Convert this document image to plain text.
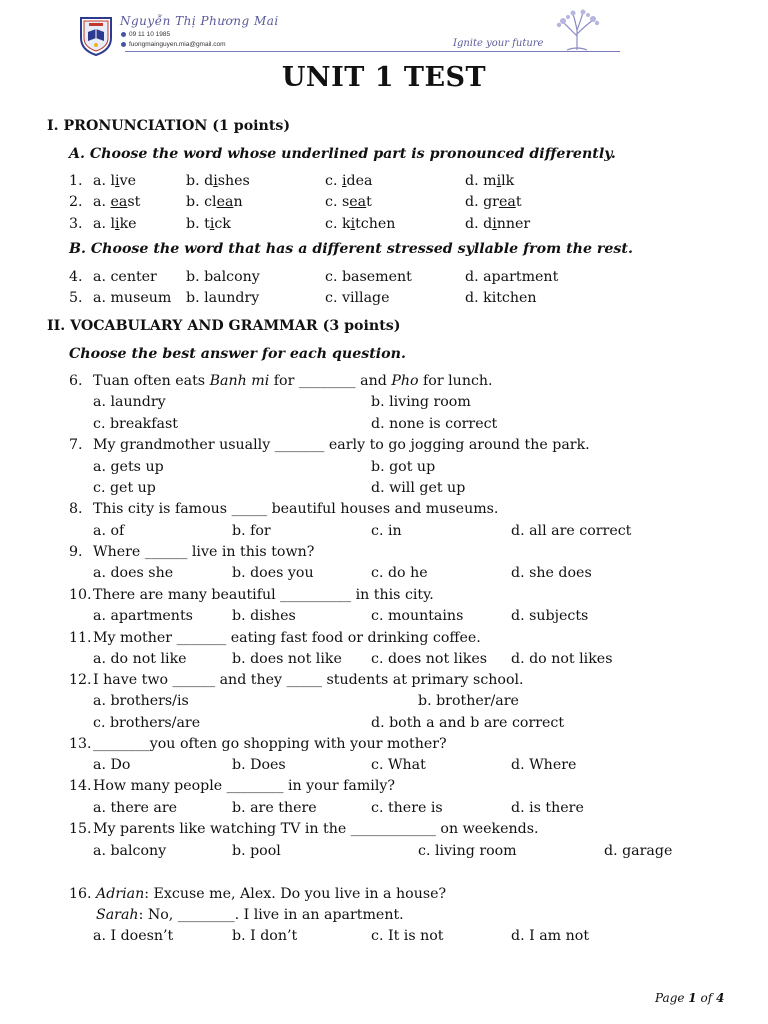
Nguyễn Thị Phương Mai
09 11 10 1985
fuongmainguyen.mia@gmail.com	Ignite your future
UNIT 1 TEST
I. PRONUNCIATION (1 points)
A. Choose the word whose underlined part is pronounced differently.
1. a. live	b. dishes	c. idea	d. milk
2. a. east	b. clean	c. seat	d. great
3. a. like	b. tick	c. kitchen	d. dinner
B. Choose the word that has a different stressed syllable from the rest.
4. a. center b. balcony	c. basement	d. apartment
5. a. museum b. laundry	c. village	d. kitchen
II. VOCABULARY AND GRAMMAR (3 points)
Choose the best answer for each question.
6. Tuan often eats Banh mi for ________ and Pho for lunch.
a. laundry	b. living room
c. breakfast	d. none is correct
7. My grandmother usually _______ early to go jogging around the park.
a. gets up	b. got up
c. get up	d. will get up
8. This city is famous _____ beautiful houses and museums.
a. of	b. for	c. in	d. all are correct
9. Where ______ live in this town?
a. does she	b. does you	c. do he	d. she does
10. There are many beautiful __________ in this city.
a. apartments	b. dishes	c. mountains	d. subjects
11. My mother _______ eating fast food or drinking coffee.
a. do not like	b. does not like c. does not likes d. do not likes
12. I have two ______ and they _____ students at primary school.
a. brothers/is	b. brother/are
c. brothers/are	d. both a and b are correct
13. ________you often go shopping with your mother?
a. Do	b. Does	c. What	d. Where
14. How many people ________ in your family?
a. there are	b. are there	c. there is	d. is there
15. My parents like watching TV in the ____________ on weekends.
a. balcony	b. pool	c. living room	d. garage
16. Adrian: Excuse me, Alex. Do you live in a house?
Sarah: No, ________. I live in an apartment.
a. I doesn’t	b. I don’t	c. It is not	d. I am not
Page 1 of 4
